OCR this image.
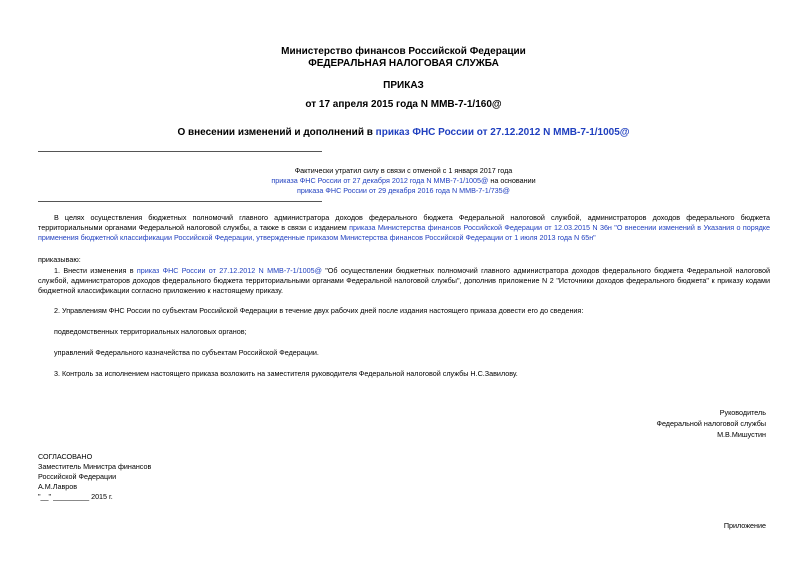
Министерство финансов Российской Федерации
ФЕДЕРАЛЬНАЯ НАЛОГОВАЯ СЛУЖБА
ПРИКАЗ
от 17 апреля 2015 года N ММВ-7-1/160@
О внесении изменений и дополнений в приказ ФНС России от 27.12.2012 N ММВ-7-1/1005@
Фактически утратил силу в связи с отменой с 1 января 2017 года
приказа ФНС России от 27 декабря 2012 года N ММВ-7-1/1005@ на основании
приказа ФНС России от 29 декабря 2016 года N ММВ-7-1/735@
В целях осуществления бюджетных полномочий главного администратора доходов федерального бюджета Федеральной налоговой службой, администраторов доходов федерального бюджета территориальными органами Федеральной налоговой службы, а также в связи с изданием приказа Министерства финансов Российской Федерации от 12.03.2015 N 36н "О внесении изменений в Указания о порядке применения бюджетной классификации Российской Федерации, утвержденные приказом Министерства финансов Российской Федерации от 1 июля 2013 года N 65н"
приказываю:
1. Внести изменения в приказ ФНС России от 27.12.2012 N ММВ-7-1/1005@ "Об осуществлении бюджетных полномочий главного администратора доходов федерального бюджета Федеральной налоговой службой, администраторов доходов федерального бюджета территориальными органами Федеральной налоговой службы", дополнив приложение N 2 "Источники доходов федерального бюджета" к приказу кодами бюджетной классификации согласно приложению к настоящему приказу.
2. Управлениям ФНС России по субъектам Российской Федерации в течение двух рабочих дней после издания настоящего приказа довести его до сведения:
подведомственных территориальных налоговых органов;
управлений Федерального казначейства по субъектам Российской Федерации.
3. Контроль за исполнением настоящего приказа возложить на заместителя руководителя Федеральной налоговой службы Н.С.Завилову.
Руководитель
Федеральной налоговой службы
М.В.Мишустин
СОГЛАСОВАНО
Заместитель Министра финансов
Российской Федерации
А.М.Лавров
"__" _________ 2015 г.
Приложение
